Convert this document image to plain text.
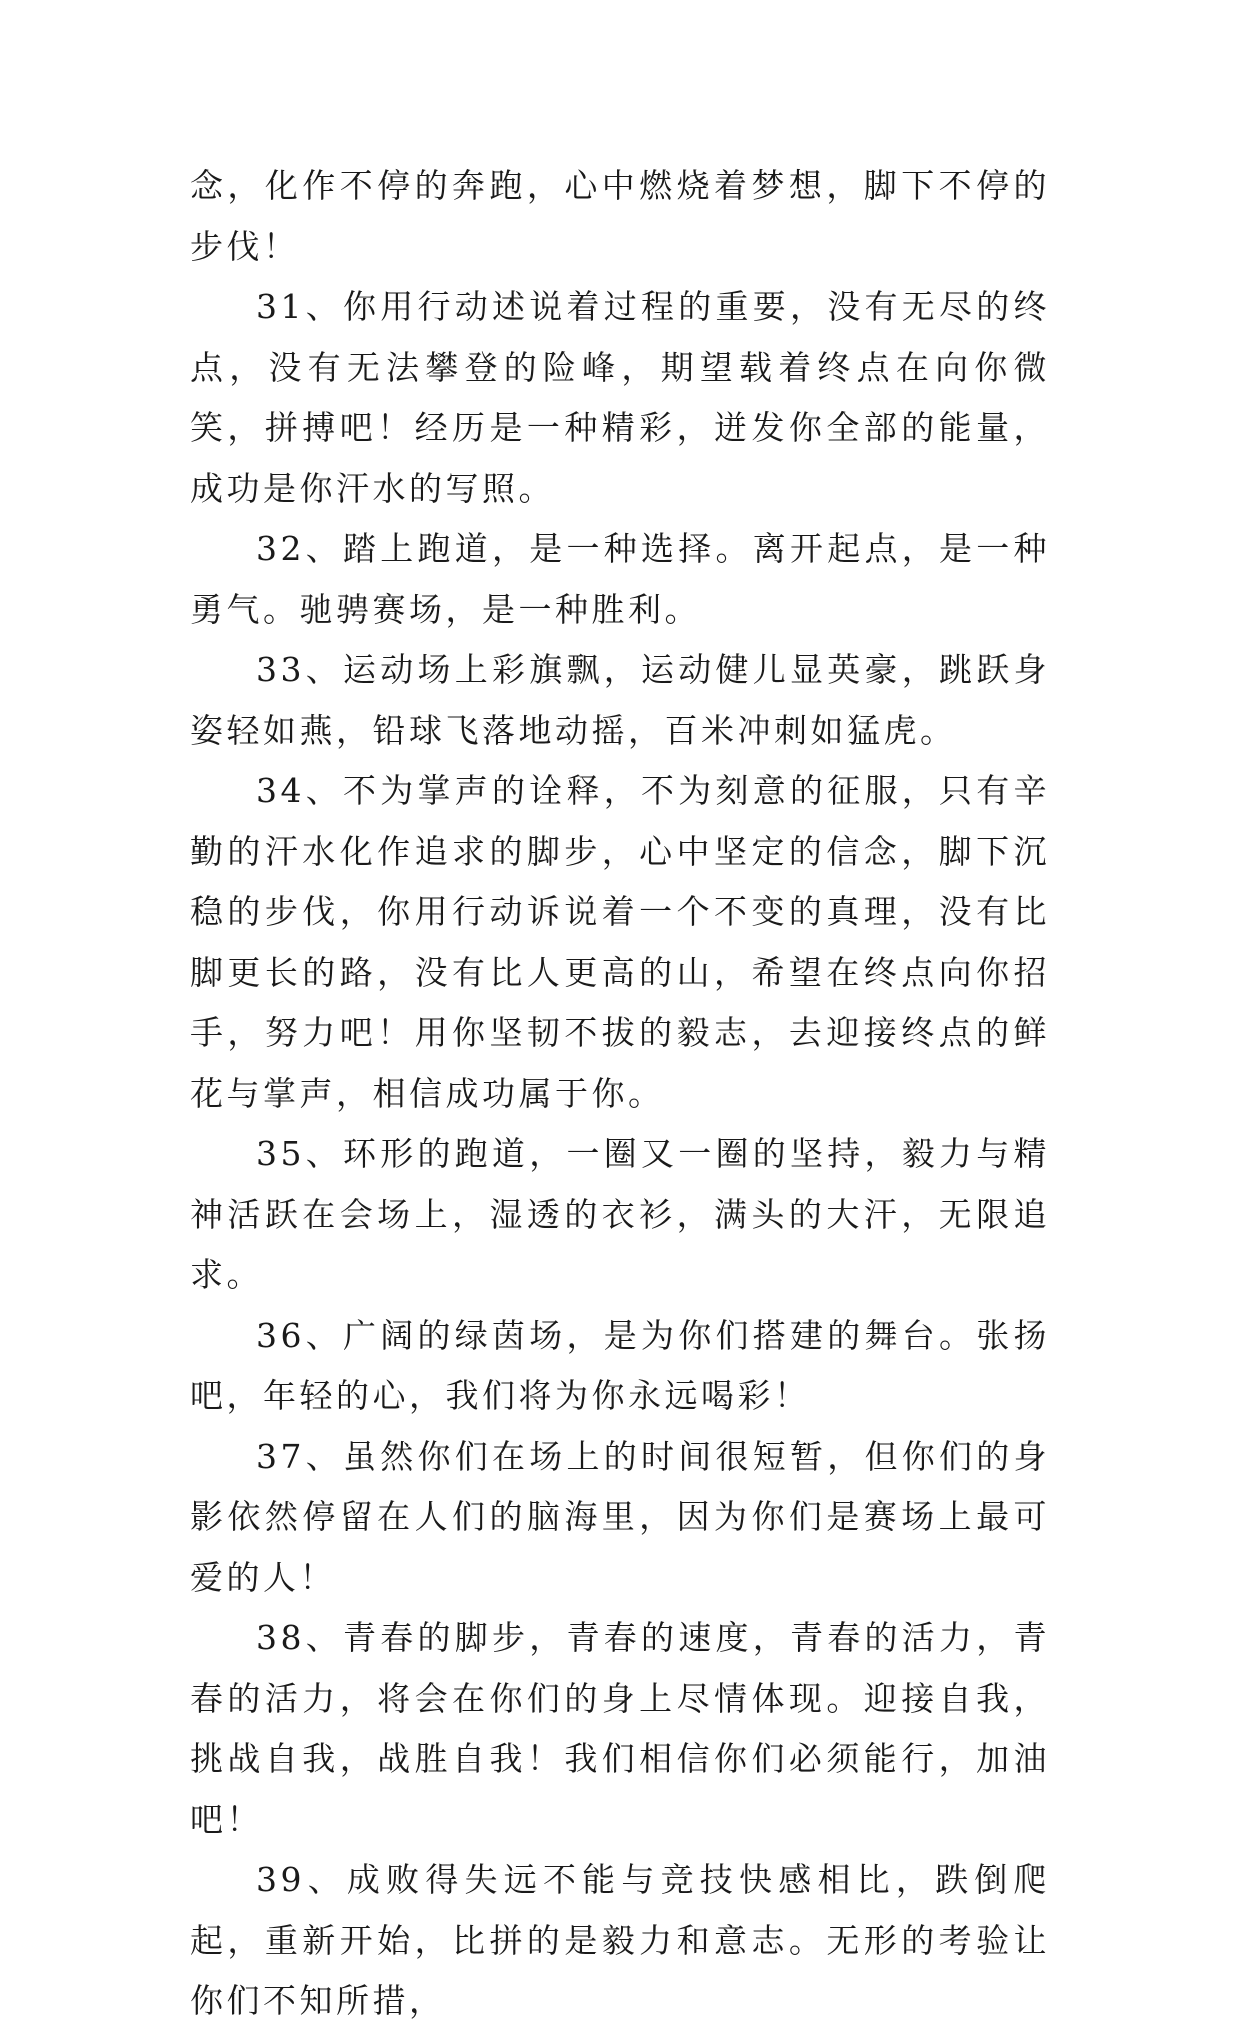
念，化作不停的奔跑，心中燃烧着梦想，脚下不停的步伐！

31、你用行动述说着过程的重要，没有无尽的终点，没有无法攀登的险峰，期望载着终点在向你微笑，拼搏吧！经历是一种精彩，迸发你全部的能量，成功是你汗水的写照。

32、踏上跑道，是一种选择。离开起点，是一种勇气。驰骋赛场，是一种胜利。

33、运动场上彩旗飘，运动健儿显英豪，跳跃身姿轻如燕，铅球飞落地动摇，百米冲刺如猛虎。

34、不为掌声的诠释，不为刻意的征服，只有辛勤的汗水化作追求的脚步，心中坚定的信念，脚下沉稳的步伐，你用行动诉说着一个不变的真理，没有比脚更长的路，没有比人更高的山，希望在终点向你招手，努力吧！用你坚韧不拔的毅志，去迎接终点的鲜花与掌声，相信成功属于你。

35、环形的跑道，一圈又一圈的坚持，毅力与精神活跃在会场上，湿透的衣衫，满头的大汗，无限追求。

36、广阔的绿茵场，是为你们搭建的舞台。张扬吧，年轻的心，我们将为你永远喝彩！

37、虽然你们在场上的时间很短暂，但你们的身影依然停留在人们的脑海里，因为你们是赛场上最可爱的人！

38、青春的脚步，青春的速度，青春的活力，青春的活力，将会在你们的身上尽情体现。迎接自我，挑战自我，战胜自我！我们相信你们必须能行，加油吧！

39、成败得失远不能与竞技快感相比，跌倒爬起，重新开始，比拼的是毅力和意志。无形的考验让你们不知所措，
